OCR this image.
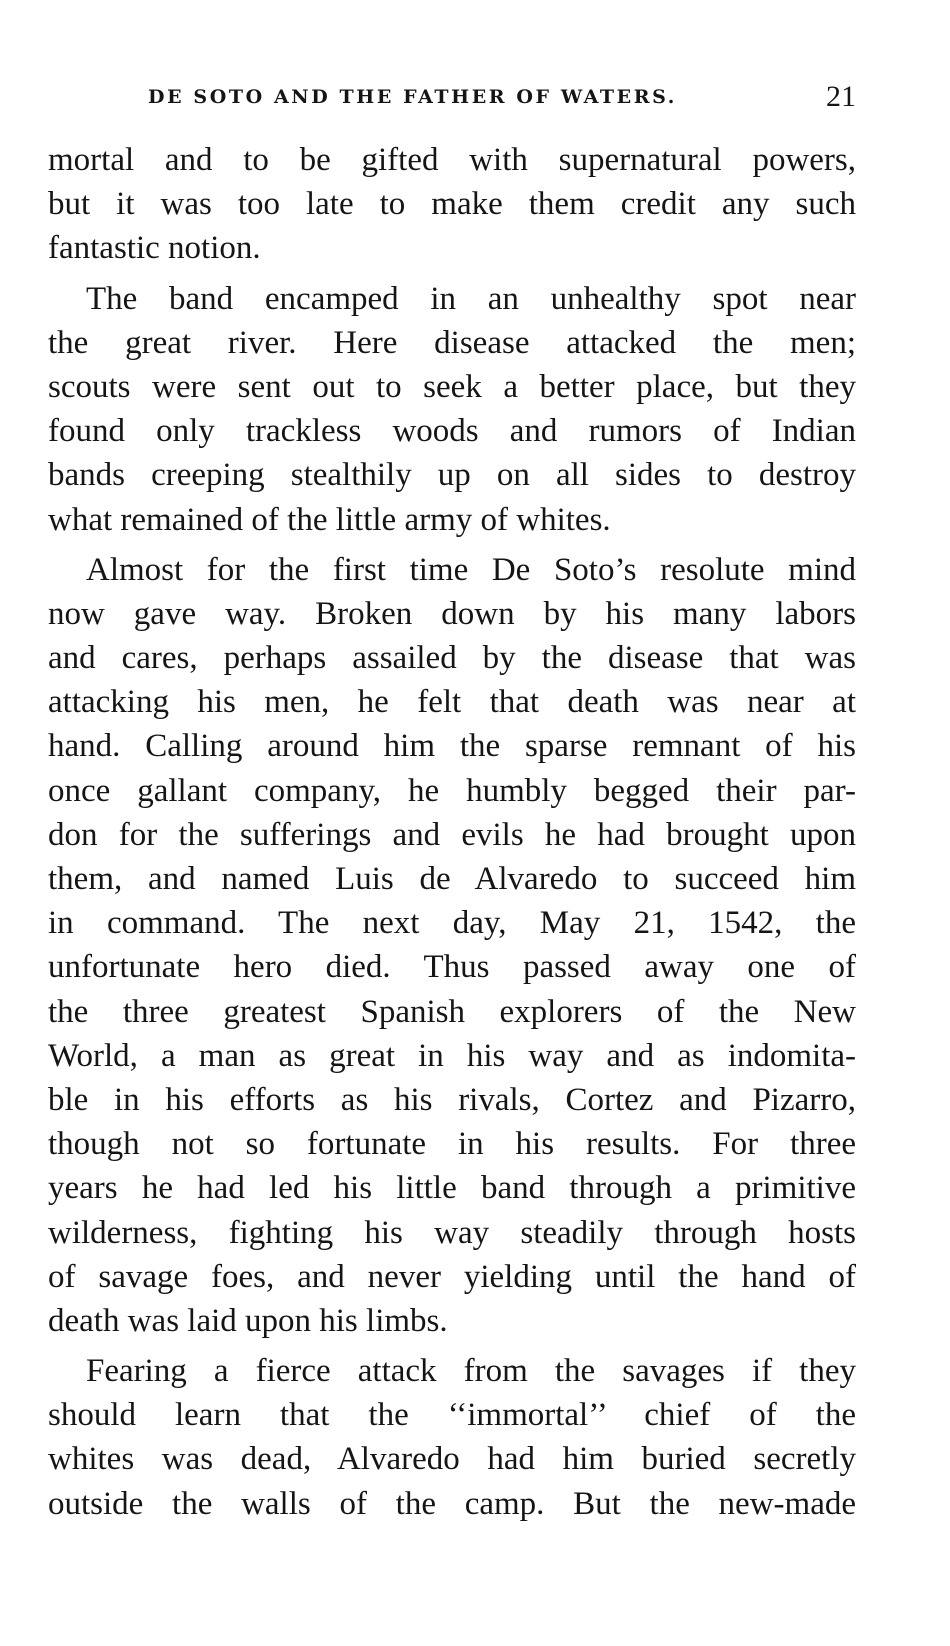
DE SOTO AND THE FATHER OF WATERS.	21
mortal and to be gifted with supernatural powers,
but it was too late to make them credit any such
fantastic notion.
The band encamped in an unhealthy spot near
the great river. Here disease attacked the men;
scouts were sent out to seek a better place, but they
found only trackless woods and rumors of Indian
bands creeping stealthily up on all sides to destroy
what remained of the little army of whites.
Almost for the first time De Soto’s resolute mind
now gave way. Broken down by his many labors
and cares, perhaps assailed by the disease that was
attacking his men, he felt that death was near at
hand. Calling around him the sparse remnant of his
once gallant company, he humbly begged their par-
don for the sufferings and evils he had brought upon
them, and named Luis de Alvaredo to succeed him
in command. The next day, May 21, 1542, the
unfortunate hero died. Thus passed away one of
the three greatest Spanish explorers of the New
World, a man as great in his way and as indomita-
ble in his efforts as his rivals, Cortez and Pizarro,
though not so fortunate in his results. For three
years he had led his little band through a primitive
wilderness, fighting his way steadily through hosts
of savage foes, and never yielding until the hand of
death was laid upon his limbs.
Fearing a fierce attack from the savages if they
should learn that the ‘‘immortal’’ chief of the
whites was dead, Alvaredo had him buried secretly
outside the walls of the camp. But the new-made
